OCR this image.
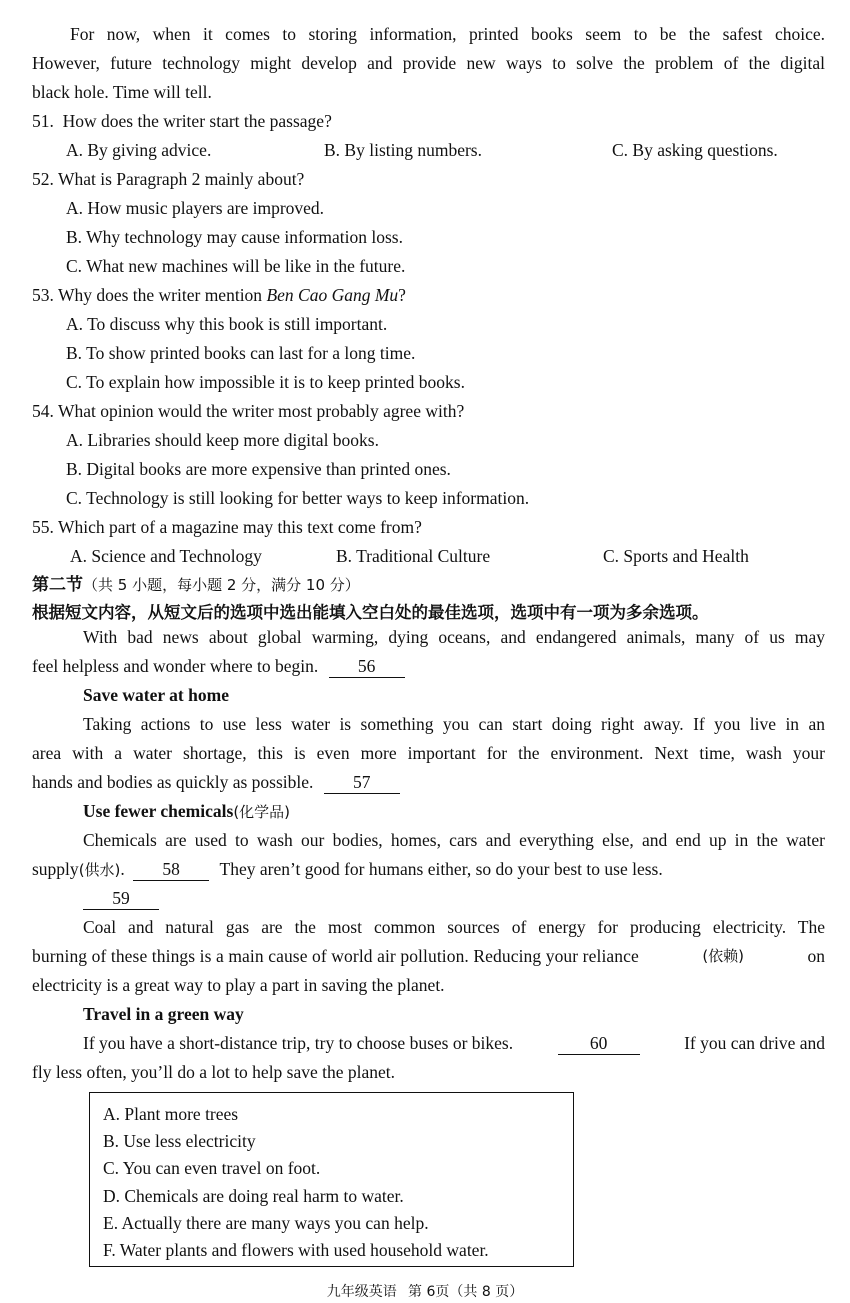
For now, when it comes to storing information, printed books seem to be the safest choice.

However, future technology might develop and provide new ways to solve the problem of the digital

black hole. Time will tell.

51. How does the writer start the passage?
A. By giving advice.	B. By listing numbers.	C. By asking questions.
52. What is Paragraph 2 mainly about?
A. How music players are improved.
B. Why technology may cause information loss.
C. What new machines will be like in the future.
53. Why does the writer mention Ben Cao Gang Mu?
A. To discuss why this book is still important.
B. To show printed books can last for a long time.
C. To explain how impossible it is to keep printed books.
54. What opinion would the writer most probably agree with?
A. Libraries should keep more digital books.
B. Digital books are more expensive than printed ones.
C. Technology is still looking for better ways to keep information.
55. Which part of a magazine may this text come from?
A. Science and Technology	B. Traditional Culture	C. Sports and Health
第二节（共 5 小题，每小题 2 分，满分 10 分）
根据短文内容，从短文后的选项中选出能填入空白处的最佳选项，选项中有一项为多余选项。

With bad news about global warming, dying oceans, and endangered animals, many of us may

feel helpless and wonder where to begin. 56
Save water at home

Taking actions to use less water is something you can start doing right away. If you live in an

area with a water shortage, this is even more important for the environment. Next time, wash your

hands and bodies as quickly as possible. 57
Use fewer chemicals(化学品)

Chemicals are used to wash our bodies, homes, cars and everything else, and end up in the water

supply(供水). 58 They aren’t good for humans either, so do your best to use less.
59

Coal and natural gas are the most common sources of energy for producing electricity. The

burning of these things is a main cause of world air pollution. Reducing your reliance	(依赖)	on

electricity is a great way to play a part in saving the planet.

Travel in a green way
If you have a short-distance trip, try to choose buses or bikes.	60	If you can drive and

fly less often, you’ll do a lot to help save the planet.

A. Plant more trees
B. Use less electricity
C. You can even travel on foot.
D. Chemicals are doing real harm to water.
E. Actually there are many ways you can help.
F. Water plants and flowers with used household water.
九年级英语 第 6页（共 8 页）
